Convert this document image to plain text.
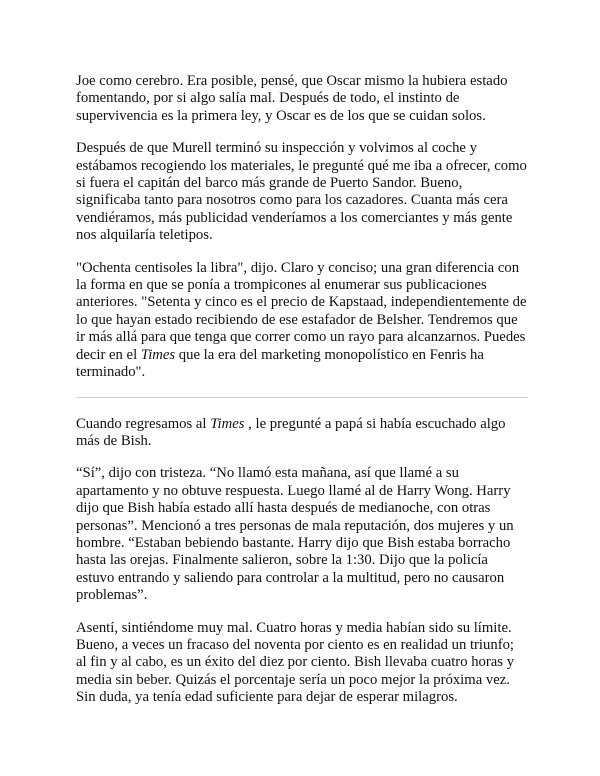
Joe como cerebro. Era posible, pensé, que Oscar mismo la hubiera estado fomentando, por si algo salía mal. Después de todo, el instinto de supervivencia es la primera ley, y Oscar es de los que se cuidan solos.

Después de que Murell terminó su inspección y volvimos al coche y estábamos recogiendo los materiales, le pregunté qué me iba a ofrecer, como si fuera el capitán del barco más grande de Puerto Sandor. Bueno, significaba tanto para nosotros como para los cazadores. Cuanta más cera vendiéramos, más publicidad venderíamos a los comerciantes y más gente nos alquilaría teletipos.

"Ochenta centisoles la libra", dijo. Claro y conciso; una gran diferencia con la forma en que se ponía a trompicones al enumerar sus publicaciones anteriores. "Setenta y cinco es el precio de Kapstaad, independientemente de lo que hayan estado recibiendo de ese estafador de Belsher. Tendremos que ir más allá para que tenga que correr como un rayo para alcanzarnos. Puedes decir en el Times que la era del marketing monopolístico en Fenris ha terminado".

Cuando regresamos al Times , le pregunté a papá si había escuchado algo más de Bish.

“Sí”, dijo con tristeza. “No llamó esta mañana, así que llamé a su apartamento y no obtuve respuesta. Luego llamé al de Harry Wong. Harry dijo que Bish había estado allí hasta después de medianoche, con otras personas”. Mencionó a tres personas de mala reputación, dos mujeres y un hombre. “Estaban bebiendo bastante. Harry dijo que Bish estaba borracho hasta las orejas. Finalmente salieron, sobre la 1:30. Dijo que la policía estuvo entrando y saliendo para controlar a la multitud, pero no causaron problemas”.

Asentí, sintiéndome muy mal. Cuatro horas y media habían sido su límite. Bueno, a veces un fracaso del noventa por ciento es en realidad un triunfo; al fin y al cabo, es un éxito del diez por ciento. Bish llevaba cuatro horas y media sin beber. Quizás el porcentaje sería un poco mejor la próxima vez. Sin duda, ya tenía edad suficiente para dejar de esperar milagros.
